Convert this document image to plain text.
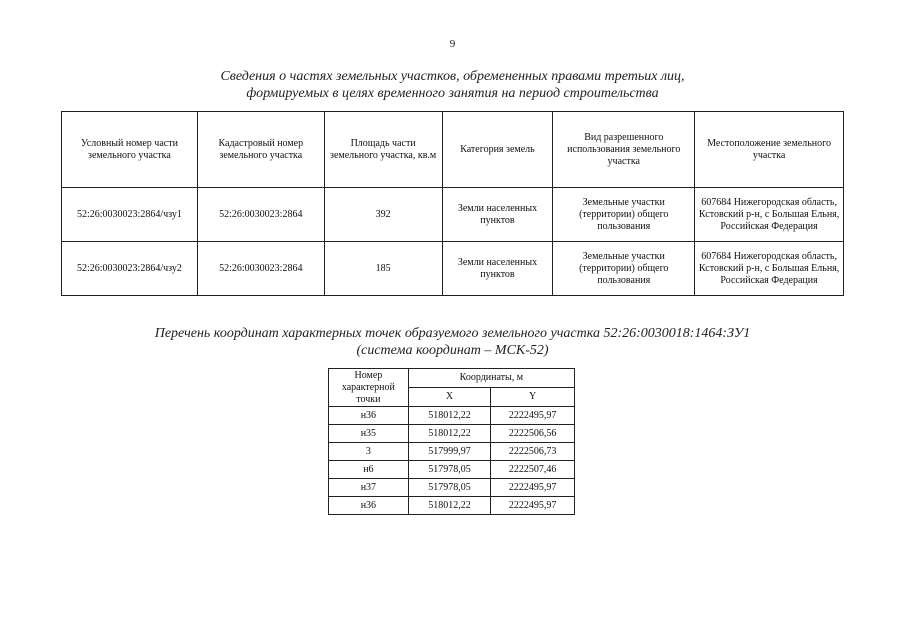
9
Сведения о частях земельных участков, обремененных правами третьих лиц,
формируемых в целях временного занятия на период строительства
Условный номер части земельного участка	Кадастровый номер земельного участка	Площадь части земельного участка, кв.м	Категория земель	Вид разрешенного использования земельного участка	Местоположение земельного участка
52:26:0030023:2864/чзу1	52:26:0030023:2864	392	Земли населенных пунктов	Земельные участки (территории) общего пользования	607684 Нижегородская область, Кстовский р-н, с Большая Ельня, Российская Федерация
52:26:0030023:2864/чзу2	52:26:0030023:2864	185	Земли населенных пунктов	Земельные участки (территории) общего пользования	607684 Нижегородская область, Кстовский р-н, с Большая Ельня, Российская Федерация
Перечень координат характерных точек образуемого земельного участка 52:26:0030018:1464:ЗУ1
(система координат – МСК-52)
Номер характерной точки	Координаты, м	
	X	Y
н36	518012,22	2222495,97
н35	518012,22	2222506,56
3	517999,97	2222506,73
н6	517978,05	2222507,46
н37	517978,05	2222495,97
н36	518012,22	2222495,97
